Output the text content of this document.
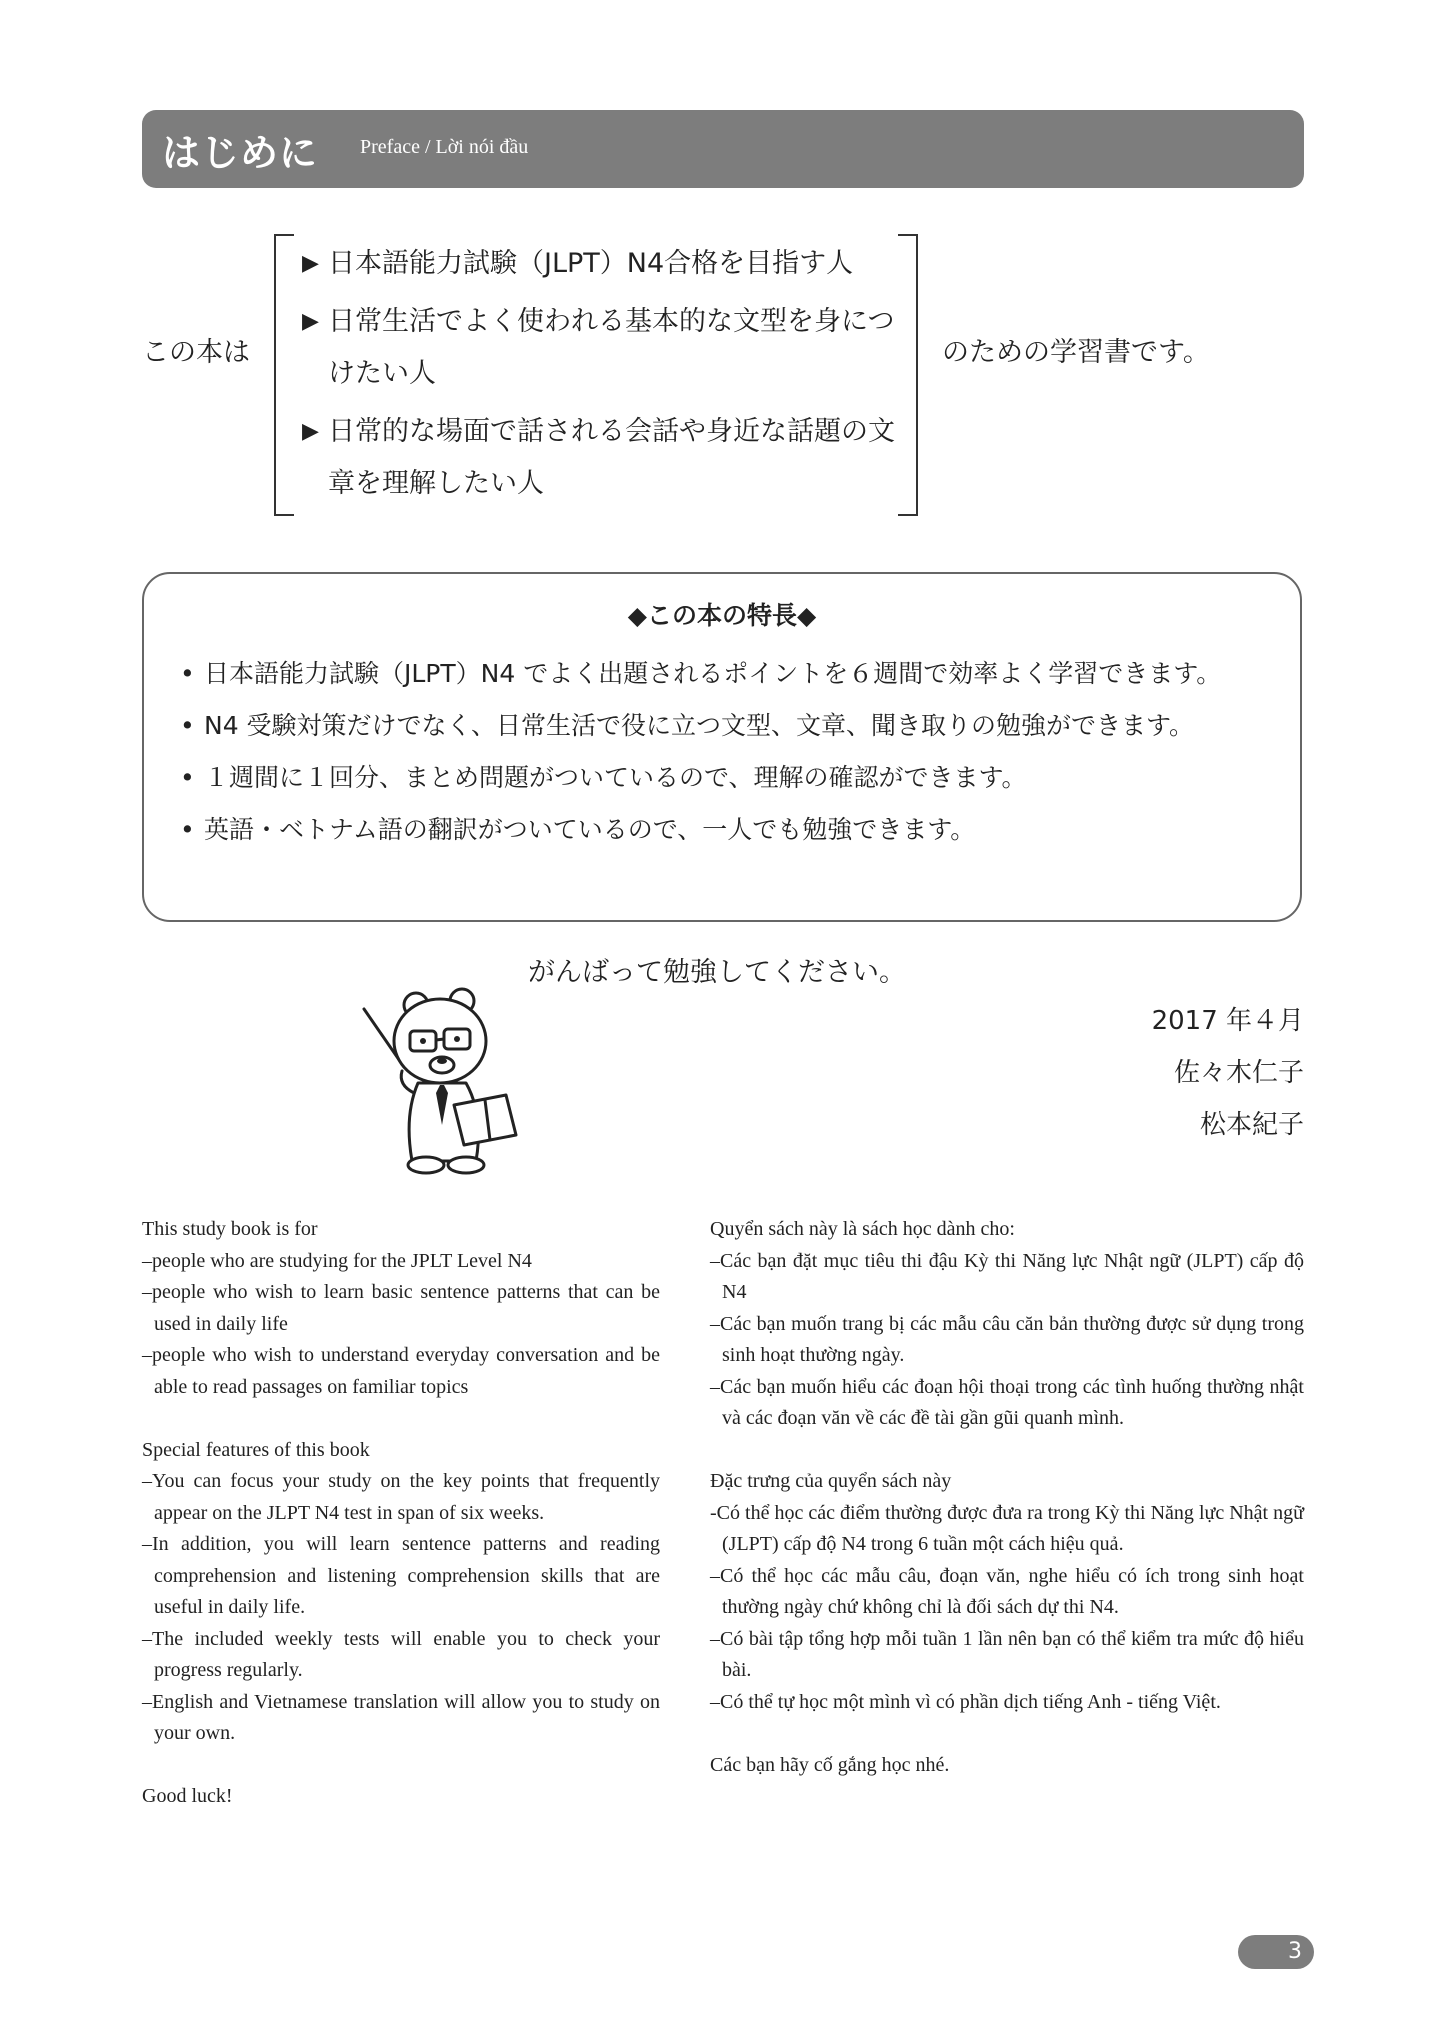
はじめに Preface / Lời nói đầu
この本は
▶ 日本語能力試験（JLPT）N4合格を目指す人
▶ 日常生活でよく使われる基本的な文型を身につけたい人
▶ 日常的な場面で話される会話や身近な話題の文章を理解したい人
のための学習書です。
◆この本の特長◆
• 日本語能力試験（JLPT）N4 でよく出題されるポイントを６週間で効率よく学習できます。
• N4 受験対策だけでなく、日常生活で役に立つ文型、文章、聞き取りの勉強ができます。
• １週間に１回分、まとめ問題がついているので、理解の確認ができます。
• 英語・ベトナム語の翻訳がついているので、一人でも勉強できます。
がんばって勉強してください。
2017 年４月
佐々木仁子
松本紀子

This study book is for

–people who are studying for the JPLT Level N4

–people who wish to learn basic sentence patterns that can be used in daily life

–people who wish to understand everyday conversation and be able to read passages on familiar topics

Special features of this book

–You can focus your study on the key points that frequently appear on the JLPT N4 test in span of six weeks.

–In addition, you will learn sentence patterns and reading comprehension and listening comprehension skills that are useful in daily life.

–The included weekly tests will enable you to check your progress regularly.

–English and Vietnamese translation will allow you to study on your own.

Good luck!

Quyển sách này là sách học dành cho:

–Các bạn đặt mục tiêu thi đậu Kỳ thi Năng lực Nhật ngữ (JLPT) cấp độ N4

–Các bạn muốn trang bị các mẫu câu căn bản thường được sử dụng trong sinh hoạt thường ngày.

–Các bạn muốn hiểu các đoạn hội thoại trong các tình huống thường nhật và các đoạn văn về các đề tài gần gũi quanh mình.

Đặc trưng của quyển sách này

-Có thể học các điểm thường được đưa ra trong Kỳ thi Năng lực Nhật ngữ (JLPT) cấp độ N4 trong 6 tuần một cách hiệu quả.

–Có thể học các mẫu câu, đoạn văn, nghe hiểu có ích trong sinh hoạt thường ngày chứ không chỉ là đối sách dự thi N4.

–Có bài tập tổng hợp mỗi tuần 1 lần nên bạn có thể kiểm tra mức độ hiểu bài.

–Có thể tự học một mình vì có phần dịch tiếng Anh - tiếng Việt.

Các bạn hãy cố gắng học nhé.

3
